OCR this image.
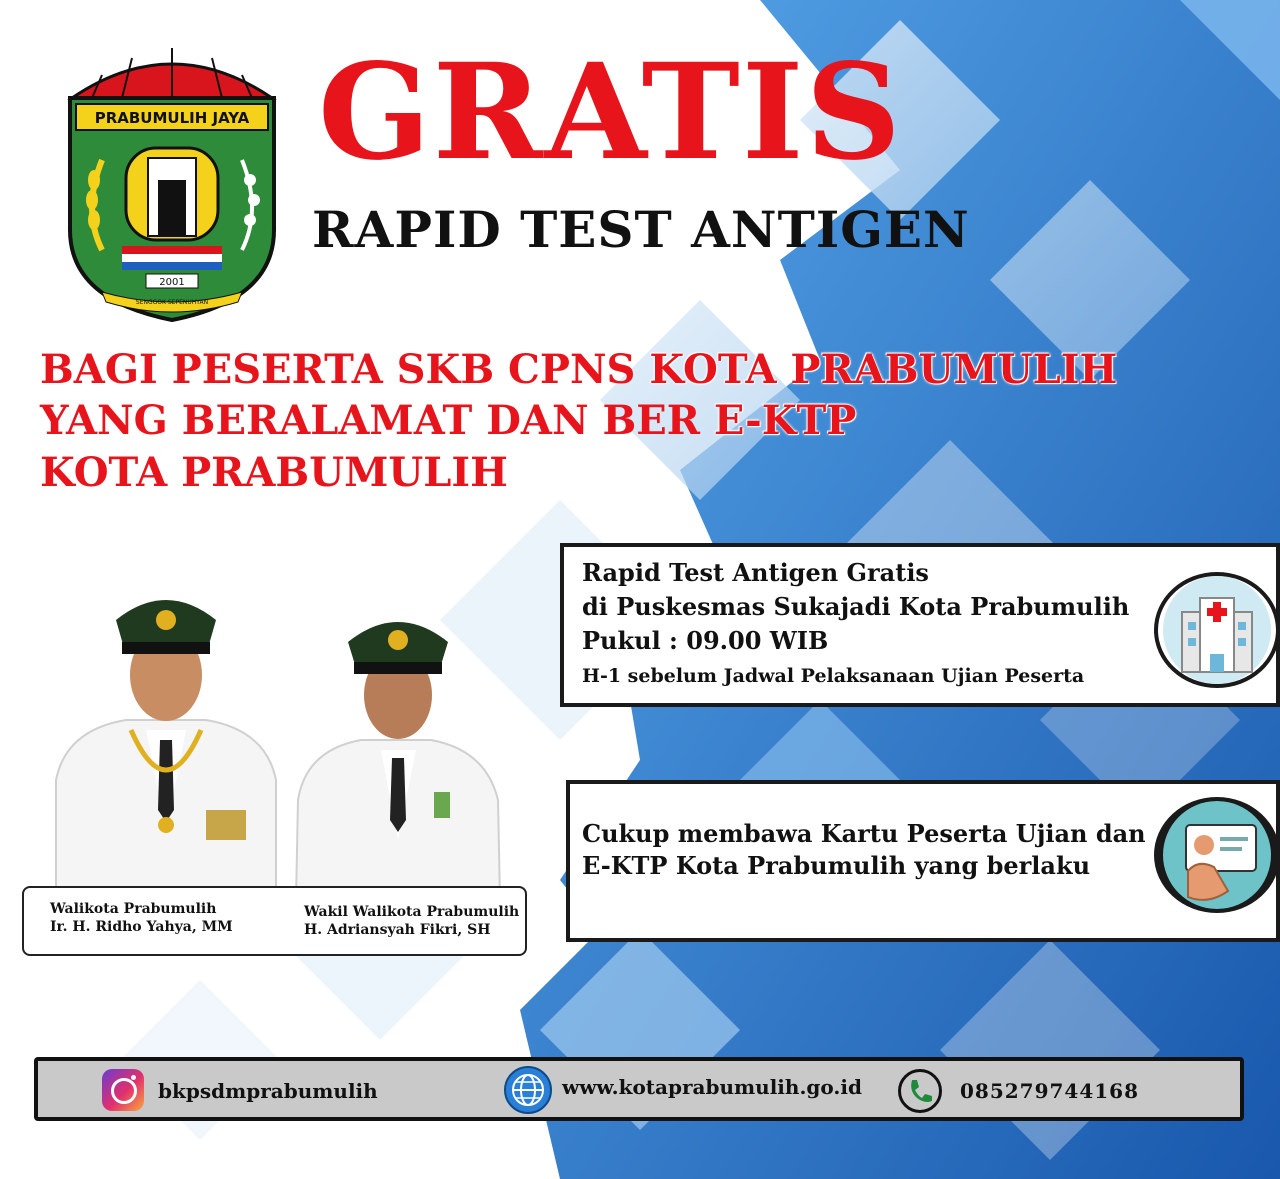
PRABUMULIH JAYA
2001
SENGGOK SEPENUHYAN
GRATIS
RAPID TEST ANTIGEN
BAGI PESERTA SKB CPNS KOTA PRABUMULIH
YANG BERALAMAT DAN BER E-KTP
KOTA PRABUMULIH
Walikota Prabumulih
Ir. H. Ridho Yahya, MM
Wakil Walikota Prabumulih
H. Adriansyah Fikri, SH
Rapid Test Antigen Gratis
di Puskesmas Sukajadi Kota Prabumulih
Pukul : 09.00 WIB
H-1 sebelum Jadwal Pelaksanaan Ujian Peserta
Cukup membawa Kartu Peserta Ujian dan
E-KTP Kota Prabumulih yang berlaku
bkpsdmprabumulih	www.kotaprabumulih.go.id	085279744168
